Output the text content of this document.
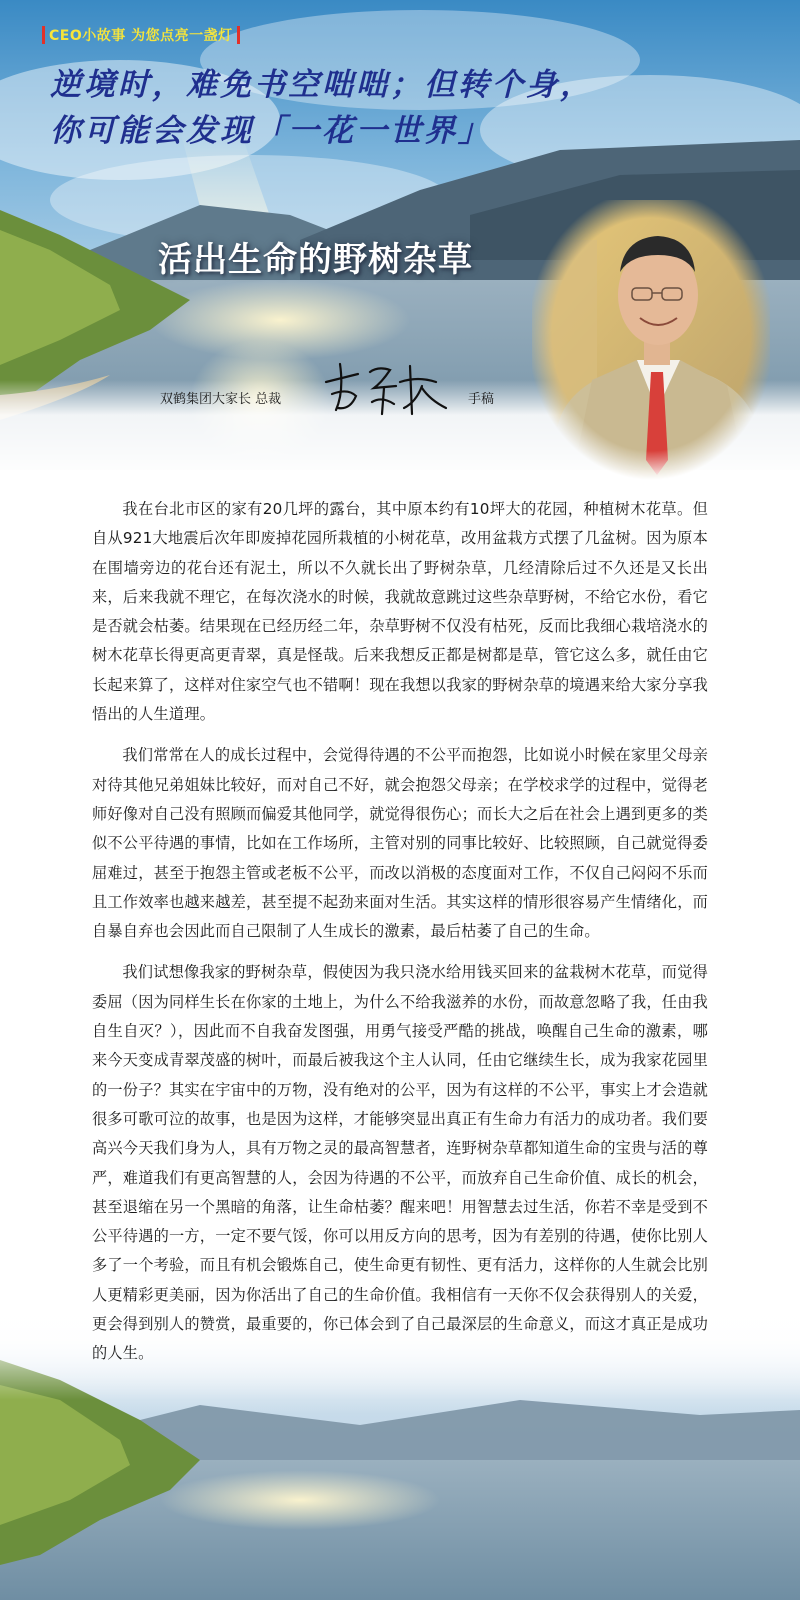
CEO小故事 为您点亮一盏灯
逆境时，难免书空咄咄；但转个身，
你可能会发现「一花一世界」
活出生命的野树杂草
双鹤集团大家长 总裁	手稿

我在台北市区的家有20几坪的露台，其中原本约有10坪大的花园，种植树木花草。但自从921大地震后次年即废掉花园所栽植的小树花草，改用盆栽方式摆了几盆树。因为原本在围墙旁边的花台还有泥土，所以不久就长出了野树杂草，几经清除后过不久还是又长出来，后来我就不理它，在每次浇水的时候，我就故意跳过这些杂草野树，不给它水份，看它是否就会枯萎。结果现在已经历经二年，杂草野树不仅没有枯死，反而比我细心栽培浇水的树木花草长得更高更青翠，真是怪哉。后来我想反正都是树都是草，管它这么多，就任由它长起来算了，这样对住家空气也不错啊！现在我想以我家的野树杂草的境遇来给大家分享我悟出的人生道理。

我们常常在人的成长过程中，会觉得待遇的不公平而抱怨，比如说小时候在家里父母亲对待其他兄弟姐妹比较好，而对自己不好，就会抱怨父母亲；在学校求学的过程中，觉得老师好像对自己没有照顾而偏爱其他同学，就觉得很伤心；而长大之后在社会上遇到更多的类似不公平待遇的事情，比如在工作场所，主管对别的同事比较好、比较照顾，自己就觉得委屈难过，甚至于抱怨主管或老板不公平，而改以消极的态度面对工作，不仅自己闷闷不乐而且工作效率也越来越差，甚至提不起劲来面对生活。其实这样的情形很容易产生情绪化，而自暴自弃也会因此而自己限制了人生成长的激素，最后枯萎了自己的生命。

我们试想像我家的野树杂草，假使因为我只浇水给用钱买回来的盆栽树木花草，而觉得委屈（因为同样生长在你家的土地上，为什么不给我滋养的水份，而故意忽略了我，任由我自生自灭？），因此而不自我奋发图强，用勇气接受严酷的挑战，唤醒自己生命的激素，哪来今天变成青翠茂盛的树叶，而最后被我这个主人认同，任由它继续生长，成为我家花园里的一份子？其实在宇宙中的万物，没有绝对的公平，因为有这样的不公平，事实上才会造就很多可歌可泣的故事，也是因为这样，才能够突显出真正有生命力有活力的成功者。我们要高兴今天我们身为人，具有万物之灵的最高智慧者，连野树杂草都知道生命的宝贵与活的尊严，难道我们有更高智慧的人，会因为待遇的不公平，而放弃自己生命价值、成长的机会，甚至退缩在另一个黑暗的角落，让生命枯萎？醒来吧！用智慧去过生活，你若不幸是受到不公平待遇的一方，一定不要气馁，你可以用反方向的思考，因为有差别的待遇，使你比别人多了一个考验，而且有机会锻炼自己，使生命更有韧性、更有活力，这样你的人生就会比别人更精彩更美丽，因为你活出了自己的生命价值。我相信有一天你不仅会获得别人的关爱，更会得到别人的赞赏，最重要的，你已体会到了自己最深层的生命意义，而这才真正是成功的人生。
